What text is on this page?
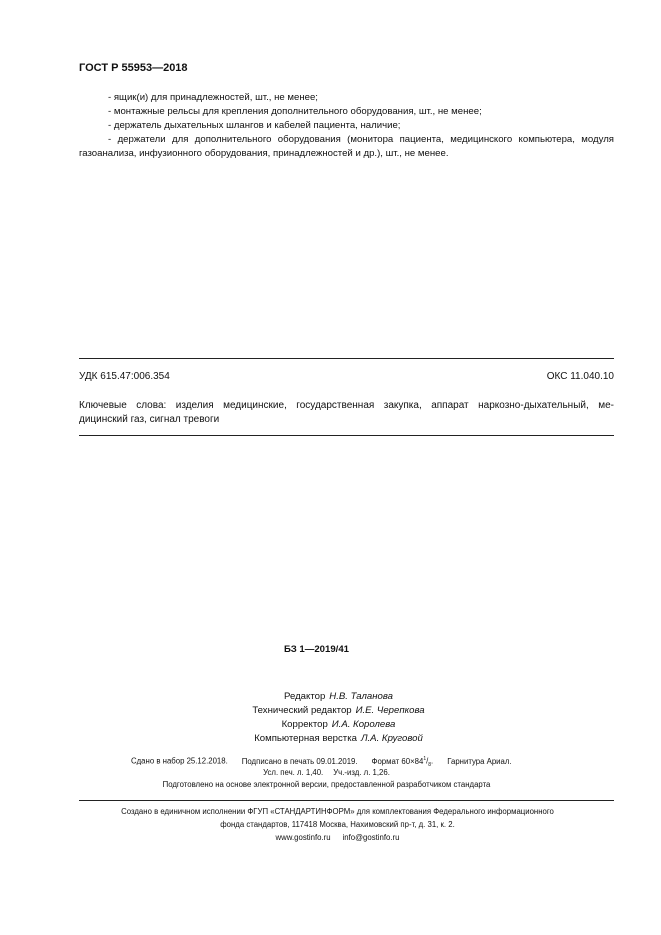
ГОСТ Р 55953—2018
- ящик(и) для принадлежностей, шт., не менее;
- монтажные рельсы для крепления дополнительного оборудования, шт., не менее;
- держатель дыхательных шлангов и кабелей пациента, наличие;
- держатели для дополнительного оборудования (монитора пациента, медицинского компьютера, модуля
газоанализа, инфузионного оборудования, принадлежностей и др.), шт., не менее.
УДК 615.47:006.354	ОКС 11.040.10
Ключевые слова: изделия медицинские, государственная закупка, аппарат наркозно-дыхательный, ме-
дицинский газ, сигнал тревоги
БЗ 1—2019/41
Редактор Н.В. Таланова
Технический редактор И.Е. Черепкова
Корректор И.А. Королева
Компьютерная верстка Л.А. Круговой
Сдано в набор 25.12.2018. Подписано в печать 09.01.2019. Формат $60\times 84^1/_8$. Гарнитура Ариал.
Усл. печ. л. 1,40. Уч.-изд. л. 1,26.
Подготовлено на основе электронной версии, предоставленной разработчиком стандарта
Создано в единичном исполнении ФГУП «СТАНДАРТИНФОРМ» для комплектования Федерального информационного
фонда стандартов, 117418 Москва, Нахимовский пр-т, д. 31, к. 2.
www.gostinfo.ru info@gostinfo.ru
